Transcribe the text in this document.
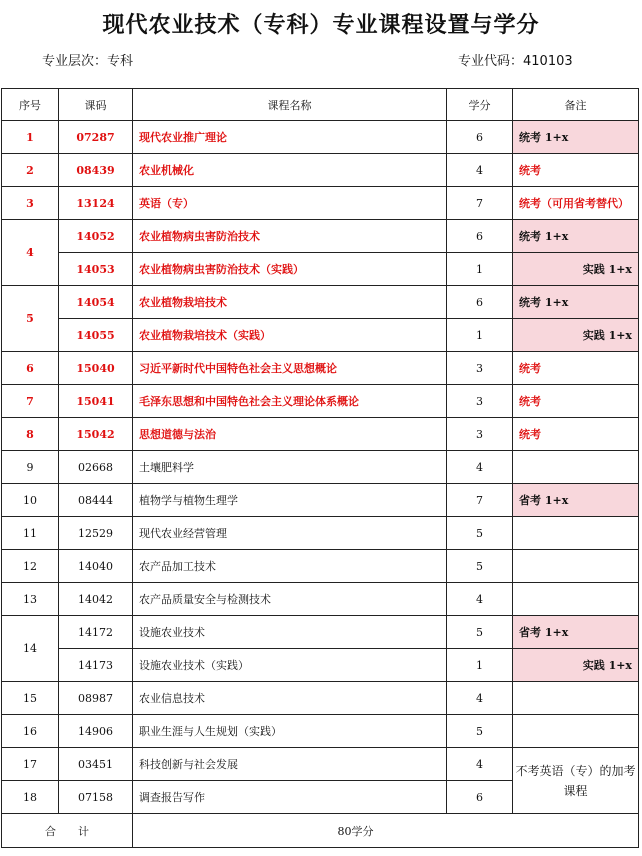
现代农业技术（专科）专业课程设置与学分
专业层次：专科	专业代码：410103
序号	课码	课程名称	学分	备注
1	07287	现代农业推广理论	6	统考 1+x
2	08439	农业机械化	4	统考
3	13124	英语（专）	7	统考（可用省考替代）
4	14052	农业植物病虫害防治技术	6	统考 1+x
	14053	农业植物病虫害防治技术（实践）	1	实践 1+x
5	14054	农业植物栽培技术	6	统考 1+x
	14055	农业植物栽培技术（实践）	1	实践 1+x
6	15040	习近平新时代中国特色社会主义思想概论	3	统考
7	15041	毛泽东思想和中国特色社会主义理论体系概论	3	统考
8	15042	思想道德与法治	3	统考
9	02668	土壤肥料学	4	
10	08444	植物学与植物生理学	7	省考 1+x
11	12529	现代农业经营管理	5	
12	14040	农产品加工技术	5	
13	14042	农产品质量安全与检测技术	4	
14	14172	设施农业技术	5	省考 1+x
	14173	设施农业技术（实践）	1	实践 1+x
15	08987	农业信息技术	4	
16	14906	职业生涯与人生规划（实践）	5	
17	03451	科技创新与社会发展	4	不考英语（专）的加考课程
18	07158	调查报告写作	6	
合　　计		80学分		
